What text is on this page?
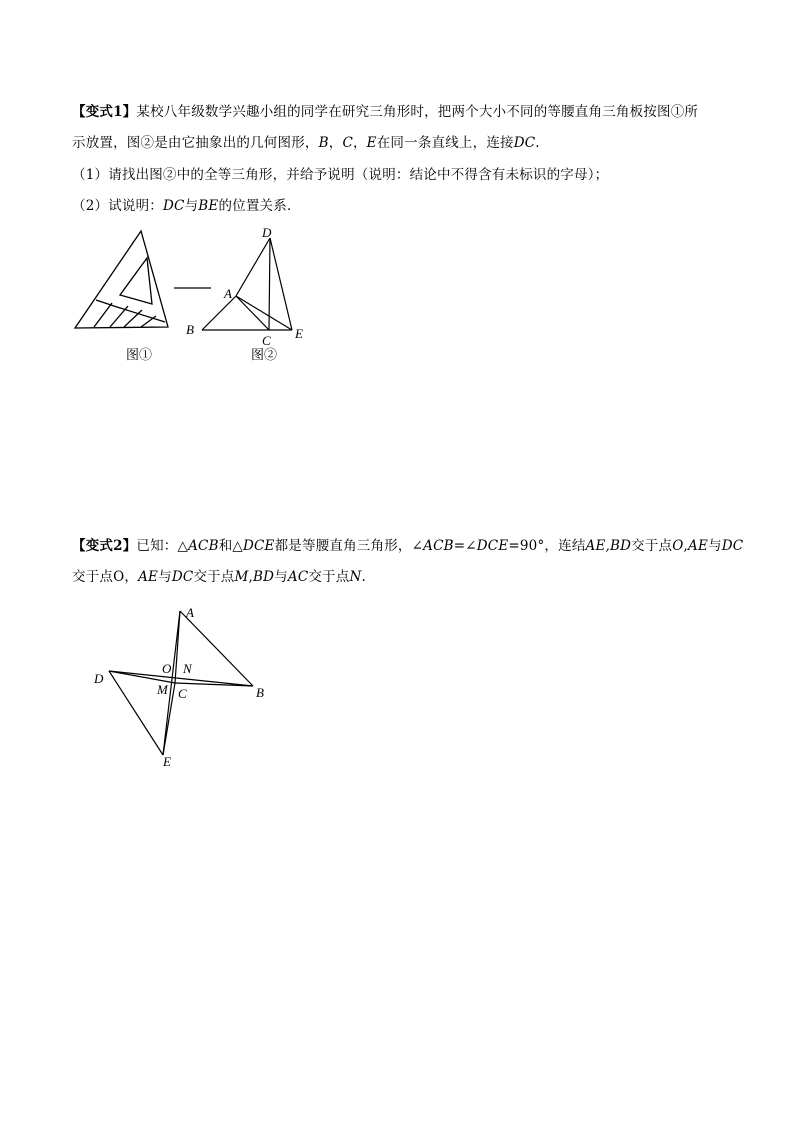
【变式1】某校八年级数学兴趣小组的同学在研究三角形时，把两个大小不同的等腰直角三角板按图①所
示放置，图②是由它抽象出的几何图形，B，C，E在同一条直线上，连接DC.
（1）请找出图②中的全等三角形，并给予说明（说明：结论中不得含有未标识的字母）；
（2）试说明：DC与BE的位置关系．
图①
D
A
B
C E
图②
【变式2】已知：△ACB和△DCE都是等腰直角三角形，∠ACB=∠DCE=90°，连结AE,BD交于点O,AE与DC
交于点O，AE与DC交于点M,BD与AC交于点N.
A
O N
D
M C	B
E
